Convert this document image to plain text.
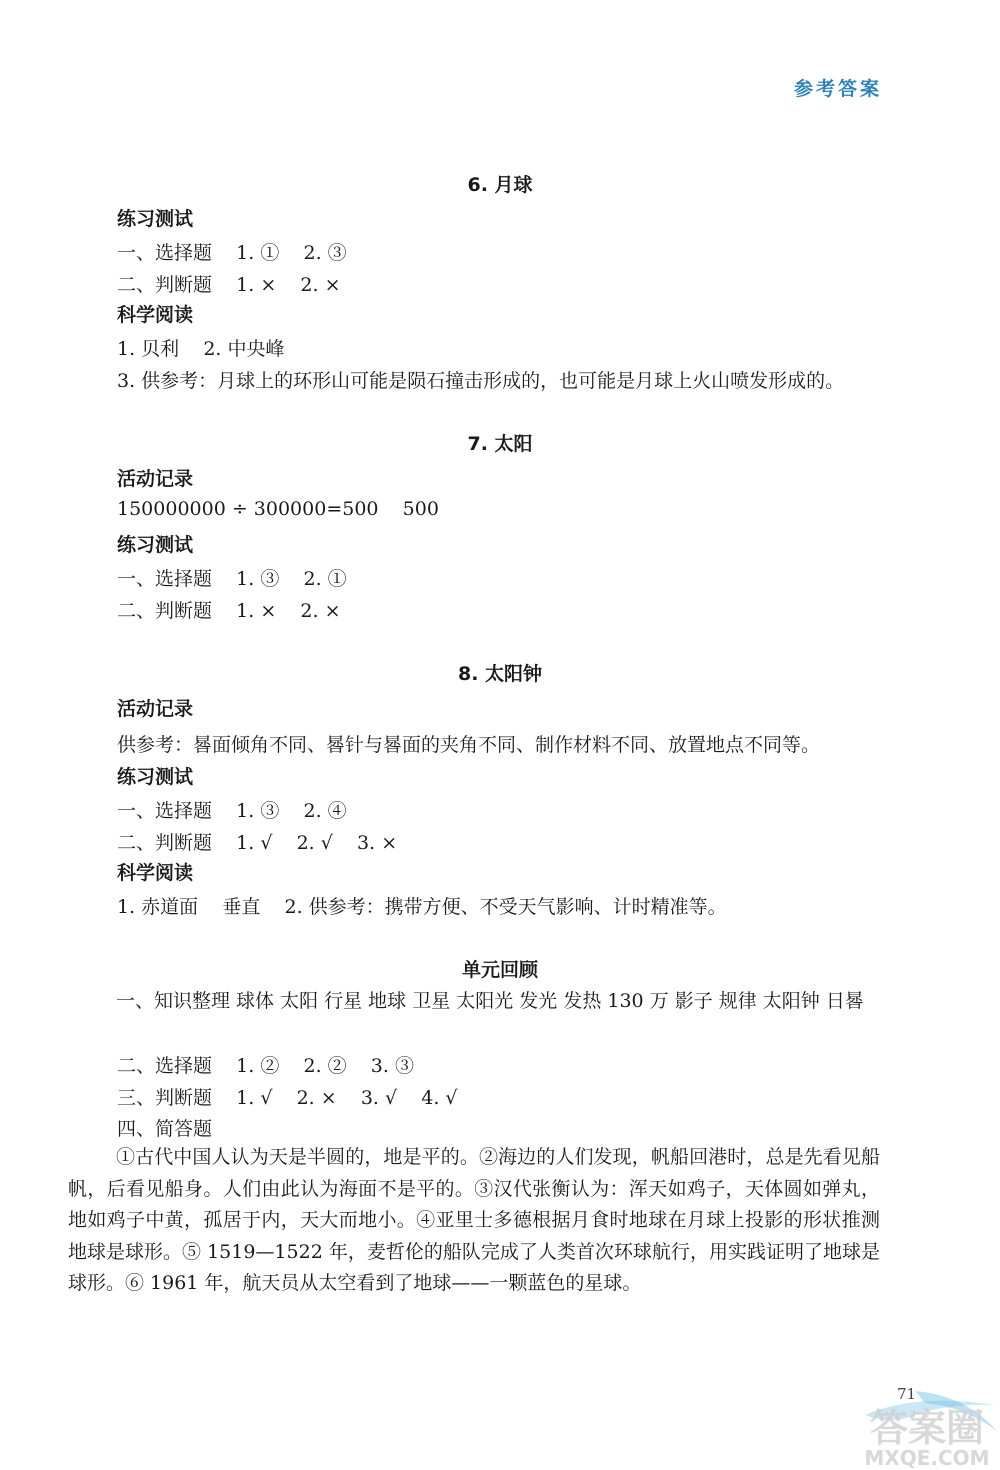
参考答案
6. 月球
练习测试
一、选择题    1. ①    2. ③
二、判断题    1. ×    2. ×
科学阅读
1. 贝利    2. 中央峰
3. 供参考：月球上的环形山可能是陨石撞击形成的，也可能是月球上火山喷发形成的。
7. 太阳
活动记录
150000000 ÷ 300000=500    500
练习测试
一、选择题    1. ③    2. ①
二、判断题    1. ×    2. ×
8. 太阳钟
活动记录
供参考：晷面倾角不同、晷针与晷面的夹角不同、制作材料不同、放置地点不同等。
练习测试
一、选择题    1. ③    2. ④
二、判断题    1. √    2. √    3. ×
科学阅读
1. 赤道面    垂直    2. 供参考：携带方便、不受天气影响、计时精准等。
单元回顾
一、知识整理 球体 太阳 行星 地球 卫星 太阳光 发光 发热 130 万 影子 规律 太阳钟 日晷
二、选择题    1. ②    2. ②    3. ③
三、判断题    1. √    2. ×    3. √    4. √
四、简答题
①古代中国人认为天是半圆的，地是平的。②海边的人们发现，帆船回港时，总是先看见船帆，后看见船身。人们由此认为海面不是平的。③汉代张衡认为：浑天如鸡子，天体圆如弹丸，地如鸡子中黄，孤居于内，天大而地小。④亚里士多德根据月食时地球在月球上投影的形状推测地球是球形。⑤ 1519—1522 年，麦哲伦的船队完成了人类首次环球航行，用实践证明了地球是球形。⑥ 1961 年，航天员从太空看到了地球——一颗蓝色的星球。
71
答案圈
MXQE.COM
